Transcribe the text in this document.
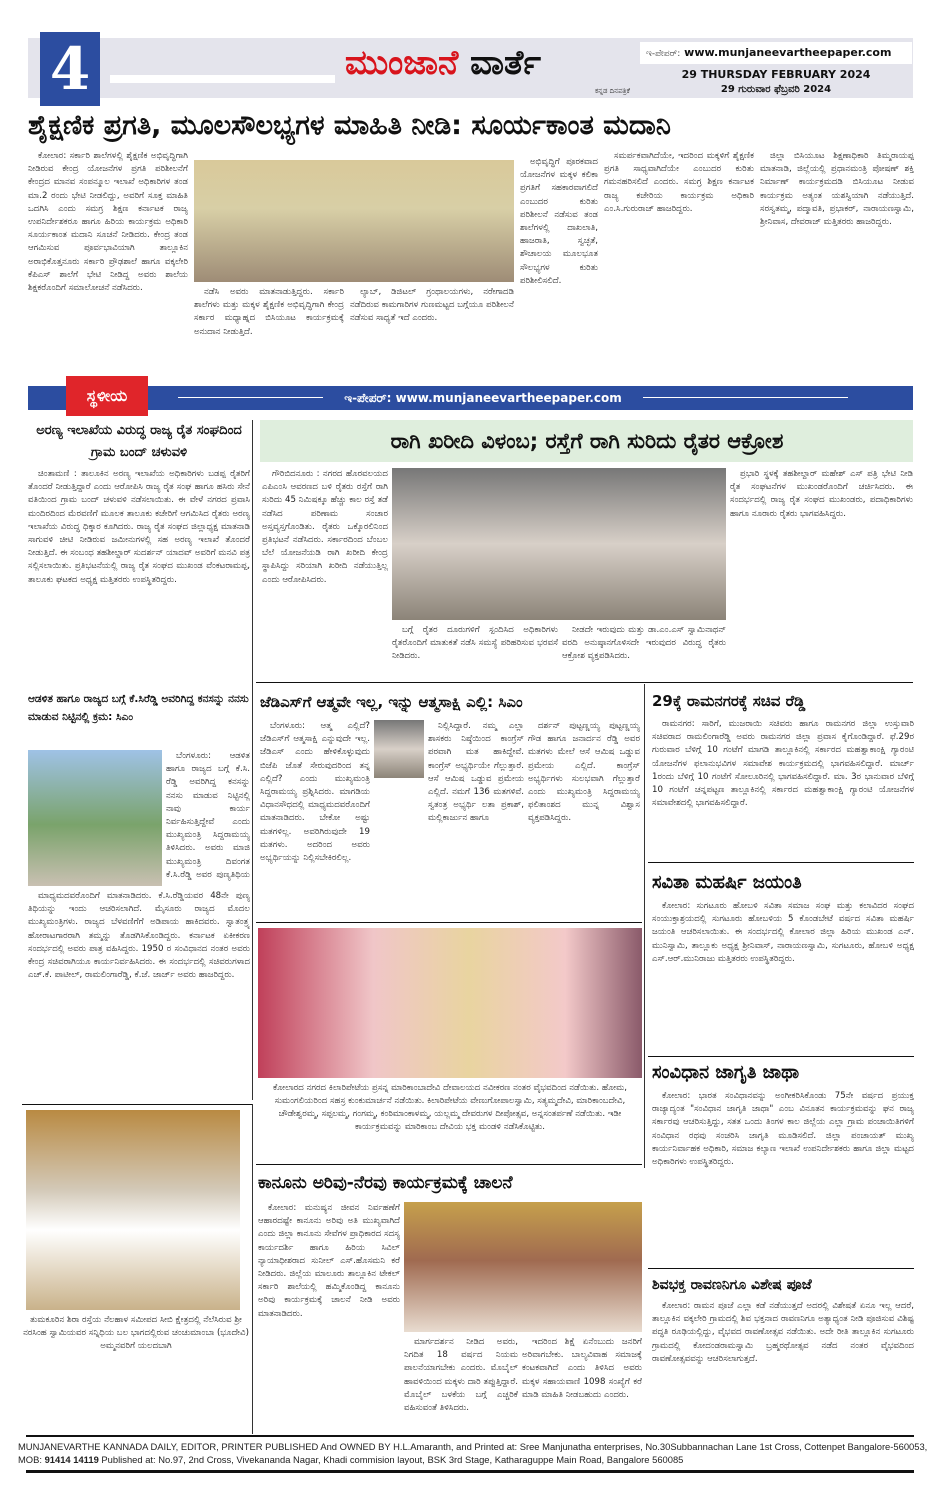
4	ಮುಂಜಾನೆ ವಾರ್ತೆ
ಕನ್ನಡ ದಿನಪತ್ರಿಕೆ
ಇ-ಪೇಪರ್: www.munjaneevartheepaper.com
29 THURSDAY FEBRUARY 2024
29 ಗುರುವಾರ ಫೆಬ್ರವರಿ 2024
ಶೈಕ್ಷಣಿಕ ಪ್ರಗತಿ, ಮೂಲಸೌಲಭ್ಯಗಳ ಮಾಹಿತಿ ನೀಡಿ: ಸೂರ್ಯಕಾಂತ ಮದಾನಿ

ಕೋಲಾರ: ಸರ್ಕಾರಿ ಶಾಲೆಗಳಲ್ಲಿ ಶೈಕ್ಷಣಿಕ ಅಭಿವೃದ್ಧಿಗಾಗಿ ನೀಡಿರುವ ಕೇಂದ್ರ ಯೋಜನೆಗಳ ಪ್ರಗತಿ ಪರಿಶೀಲನೆಗೆ ಕೇಂದ್ರದ ಮಾನವ ಸಂಪನ್ಮೂಲ ಇಲಾಖೆ ಅಧಿಕಾರಿಗಳ ತಂಡ ಮಾ.2 ರಂದು ಭೇಟಿ ನೀಡಲಿದ್ದು, ಅವರಿಗೆ ಸೂಕ್ತ ಮಾಹಿತಿ ಒದಗಿಸಿ ಎಂದು ಸಮಗ್ರ ಶಿಕ್ಷಣ ಕರ್ನಾಟಕ ರಾಜ್ಯ ಉಪನಿರ್ದೇಶಕರೂ ಹಾಗೂ ಹಿರಿಯ ಕಾರ್ಯಕ್ರಮ ಅಧಿಕಾರಿ ಸೂರ್ಯಕಾಂತ ಮದಾನಿ ಸೂಚನೆ ನೀಡಿದರು. ಕೇಂದ್ರ ತಂಡ ಆಗಮಿಸುವ ಪೂರ್ವಭಾವಿಯಾಗಿ ತಾಲ್ಲೂಕಿನ ಅರಾಭಿಕೊತ್ತನೂರು ಸರ್ಕಾರಿ ಪ್ರೌಢಶಾಲೆ ಹಾಗೂ ವಕ್ಕಲೇರಿ ಕೆಪಿಎಸ್ ಶಾಲೆಗೆ ಭೇಟಿ ನೀಡಿದ್ದ ಅವರು ಶಾಲೆಯ ಶಿಕ್ಷಕರೊಂದಿಗೆ ಸಮಾಲೋಚನೆ ನಡೆಸಿದರು.	ನಡೆಸಿ ಅವರು ಮಾತನಾಡುತ್ತಿದ್ದರು. ಸರ್ಕಾರಿ ಶಾಲೆಗಳು ಮತ್ತು ಮಕ್ಕಳ ಶೈಕ್ಷಣಿಕ ಅಭಿವೃದ್ಧಿಗಾಗಿ ಕೇಂದ್ರ ಸರ್ಕಾರ ಮಧ್ಯಾಹ್ನದ ಬಿಸಿಯೂಟ ಕಾರ್ಯಕ್ರಮಕ್ಕೆ ಅನುದಾನ ನೀಡುತ್ತಿದೆ.

ಲ್ಯಾಬ್, ಡಿಜಿಟಲ್ ಗ್ರಂಥಾಲಯಗಳು, ನರೇಗಾದಡಿ ನಡೆದಿರುವ ಕಾಮಗಾರಿಗಳ ಗುಣಮಟ್ಟದ ಬಗ್ಗೆಯೂ ಪರಿಶೀಲನೆ ನಡೆಸುವ ಸಾಧ್ಯತೆ ಇದೆ ಎಂದರು.

ಅಭಿವೃದ್ಧಿಗೆ ಪೂರಕವಾದ ಯೋಜನೆಗಳ ಮಕ್ಕಳ ಕಲಿಕಾ ಪ್ರಗತಿಗೆ ಸಹಕಾರವಾಗಲಿದೆ ಎಂಬುದರ ಕುರಿತು ಪರಿಶೀಲನೆ ನಡೆಸುವ ತಂಡ ಶಾಲೆಗಳಲ್ಲಿ ದಾಖಲಾತಿ, ಹಾಜರಾತಿ, ಸ್ವಚ್ಛತೆ, ಶೌಚಾಲಯ ಮೂಲಭೂತ ಸೌಲಭ್ಯಗಳ ಕುರಿತು ಪರಿಶೀಲಿಸಲಿದೆ.

ಸಮರ್ಪಕವಾಗಿದೆಯೇ, ಇದರಿಂದ ಮಕ್ಕಳಿಗೆ ಶೈಕ್ಷಣಿಕ ಪ್ರಗತಿ ಸಾಧ್ಯವಾಗಿದೆಯೇ ಎಂಬುದರ ಕುರಿತು ಗಮನಹರಿಸಲಿದೆ ಎಂದರು. ಸಮಗ್ರ ಶಿಕ್ಷಣ ಕರ್ನಾಟಕ ರಾಜ್ಯ ಕಚೇರಿಯ ಕಾರ್ಯಕ್ರಮ ಅಧಿಕಾರಿ ಎಂ.ಸಿ.ಗುರುರಾಜ್ ಹಾಜರಿದ್ದರು.

ಜಿಲ್ಲಾ ಬಿಸಿಯೂಟ ಶಿಕ್ಷಣಾಧಿಕಾರಿ ತಿಮ್ಮರಾಯಪ್ಪ ಮಾತನಾಡಿ, ಜಿಲ್ಲೆಯಲ್ಲಿ ಪ್ರಧಾನಮಂತ್ರಿ ಪೋಷಣ್ ಶಕ್ತಿ ನಿರ್ಮಾಣ್ ಕಾರ್ಯಕ್ರಮದಡಿ ಬಿಸಿಯೂಟ ನೀಡುವ ಕಾರ್ಯಕ್ರಮ ಅತ್ಯಂತ ಯಶಸ್ವಿಯಾಗಿ ನಡೆಯುತ್ತಿದೆ. ಸರಸ್ವತಮ್ಮ, ಪದ್ಮಾವತಿ, ಪ್ರಭಾಕರ್, ನಾರಾಯಣಸ್ವಾಮಿ, ಶ್ರೀನಿವಾಸ, ದೇವರಾಜ್ ಮತ್ತಿತರರು ಹಾಜರಿದ್ದರು.

ಇ-ಪೇಪರ್: www.munjaneevartheepaper.com
ಸ್ಥಳೀಯ
ಅರಣ್ಯ ಇಲಾಖೆಯ ವಿರುದ್ಧ ರಾಜ್ಯ ರೈತ ಸಂಘದಿಂದ ಗ್ರಾಮ ಬಂದ್ ಚಳುವಳಿ

ಚಿಂತಾಮಣಿ : ತಾಲೂಕಿನ ಅರಣ್ಯ ಇಲಾಖೆಯ ಅಧಿಕಾರಿಗಳು ಬಡಪ್ಪ ರೈತರಿಗೆ ತೊಂದರೆ ನೀಡುತ್ತಿದ್ದಾರೆ ಎಂದು ಆರೋಪಿಸಿ ರಾಜ್ಯ ರೈತ ಸಂಘ ಹಾಗೂ ಹಸಿರು ಸೇನೆ ವತಿಯಿಂದ ಗ್ರಾಮ ಬಂದ್ ಚಳುವಳಿ ನಡೆಸಲಾಯಿತು. ಈ ವೇಳೆ ನಗರದ ಪ್ರವಾಸಿ ಮಂದಿರದಿಂದ ಮೆರವಣಿಗೆ ಮೂಲಕ ತಾಲೂಕು ಕಚೇರಿಗೆ ಆಗಮಿಸಿದ ರೈತರು ಅರಣ್ಯ ಇಲಾಖೆಯ ವಿರುದ್ಧ ಧಿಕ್ಕಾರ ಕೂಗಿದರು. ರಾಜ್ಯ ರೈತ ಸಂಘದ ಜಿಲ್ಲಾಧ್ಯಕ್ಷ ಮಾತನಾಡಿ ಸಾಗುವಳಿ ಚೀಟಿ ನೀಡಿರುವ ಜಮೀನುಗಳಲ್ಲಿ ಸಹ ಅರಣ್ಯ ಇಲಾಖೆ ತೊಂದರೆ ನೀಡುತ್ತಿದೆ. ಈ ಸಂಬಂಧ ತಹಶೀಲ್ದಾರ್ ಸುದರ್ಶನ್ ಯಾದವ್ ಅವರಿಗೆ ಮನವಿ ಪತ್ರ ಸಲ್ಲಿಸಲಾಯಿತು. ಪ್ರತಿಭಟನೆಯಲ್ಲಿ ರಾಜ್ಯ ರೈತ ಸಂಘದ ಮುಖಂಡ ವೆಂಕಟರಾಮಪ್ಪ, ತಾಲೂಕು ಘಟಕದ ಅಧ್ಯಕ್ಷ ಮತ್ತಿತರರು ಉಪಸ್ಥಿತರಿದ್ದರು.

ರಾಗಿ ಖರೀದಿ ವಿಳಂಬ; ರಸ್ತೆಗೆ ರಾಗಿ ಸುರಿದು ರೈತರ ಆಕ್ರೋಶ

ಗೌರಿಬಿದನೂರು : ನಗರದ ಹೊರವಲಯದ ಎಪಿಎಂಸಿ ಆವರಣದ ಬಳಿ ರೈತರು ರಸ್ತೆಗೆ ರಾಗಿ ಸುರಿದು 45 ನಿಮಿಷಕ್ಕೂ ಹೆಚ್ಚು ಕಾಲ ರಸ್ತೆ ತಡೆ ನಡೆಸಿದ ಪರಿಣಾಮ ಸಂಚಾರ ಅಸ್ತವ್ಯಸ್ತಗೊಂಡಿತು. ರೈತರು ಒಕ್ಕೊರಲಿನಿಂದ ಪ್ರತಿಭಟನೆ ನಡೆಸಿದರು. ಸರ್ಕಾರದಿಂದ ಬೆಂಬಲ ಬೆಲೆ ಯೋಜನೆಯಡಿ ರಾಗಿ ಖರೀದಿ ಕೇಂದ್ರ ಸ್ಥಾಪಿಸಿದ್ದು ಸರಿಯಾಗಿ ಖರೀದಿ ನಡೆಯುತ್ತಿಲ್ಲ ಎಂದು ಆರೋಪಿಸಿದರು.

ಬಗ್ಗೆ ರೈತರ ದೂರುಗಳಿಗೆ ಸ್ಪಂದಿಸಿದ ಅಧಿಕಾರಿಗಳು ರೈತರೊಂದಿಗೆ ಮಾತುಕತೆ ನಡೆಸಿ ಸಮಸ್ಯೆ ಪರಿಹರಿಸುವ ಭರವಸೆ ನೀಡಿದರು.

ನೀಡದೇ ಇರುವುದು ಮತ್ತು ಡಾ.ಎಂ.ಎಸ್ ಸ್ವಾಮಿನಾಥನ್ ವರದಿ ಅನುಷ್ಠಾನಗೊಳಿಸದೇ ಇರುವುದರ ವಿರುದ್ಧ ರೈತರು ಆಕ್ರೋಶ ವ್ಯಕ್ತಪಡಿಸಿದರು.

ಪ್ರಭಾರಿ ಸ್ಥಳಕ್ಕೆ ತಹಶೀಲ್ದಾರ್ ಮಹೇಶ್ ಎಸ್ ಪತ್ರಿ ಭೇಟಿ ನೀಡಿ ರೈತ ಸಂಘಟನೆಗಳ ಮುಖಂಡರೊಂದಿಗೆ ಚರ್ಚಿಸಿದರು. ಈ ಸಂದರ್ಭದಲ್ಲಿ ರಾಜ್ಯ ರೈತ ಸಂಘದ ಮುಖಂಡರು, ಪದಾಧಿಕಾರಿಗಳು ಹಾಗೂ ನೂರಾರು ರೈತರು ಭಾಗವಹಿಸಿದ್ದರು.

ಆಡಳಿತ ಹಾಗೂ ರಾಜ್ಯದ ಬಗ್ಗೆ ಕೆ.ಸಿರೆಡ್ಡಿ ಅವರಿಗಿದ್ದ ಕನಸನ್ನು ನನಸು ಮಾಡುವ ನಿಟ್ಟಿನಲ್ಲಿ ಕ್ರಮ: ಸಿಎಂ

ಬೆಂಗಳೂರು: ಆಡಳಿತ ಹಾಗೂ ರಾಜ್ಯದ ಬಗ್ಗೆ ಕೆ.ಸಿ. ರೆಡ್ಡಿ ಅವರಿಗಿದ್ದ ಕನಸನ್ನು ನನಸು ಮಾಡುವ ನಿಟ್ಟಿನಲ್ಲಿ ನಾವು ಕಾರ್ಯ ನಿರ್ವಹಿಸುತ್ತಿದ್ದೇವೆ ಎಂದು ಮುಖ್ಯಮಂತ್ರಿ ಸಿದ್ದರಾಮಯ್ಯ ತಿಳಿಸಿದರು. ಅವರು ಮಾಜಿ ಮುಖ್ಯಮಂತ್ರಿ ದಿವಂಗತ ಕೆ.ಸಿ.ರೆಡ್ಡಿ ಅವರ ಪುಣ್ಯತಿಥಿಯ

ಮಾಧ್ಯಮದವರೊಂದಿಗೆ ಮಾತನಾಡಿದರು. ಕೆ.ಸಿ.ರೆಡ್ಡಿಯವರ 48ನೇ ಪುಣ್ಯ ತಿಥಿಯನ್ನು ಇಂದು ಆಚರಿಸಲಾಗಿದೆ. ಮೈಸೂರು ರಾಜ್ಯದ ಮೊದಲ ಮುಖ್ಯಮಂತ್ರಿಗಳು. ರಾಜ್ಯದ ಬೆಳವಣಿಗೆಗೆ ಅಡಿಪಾಯ ಹಾಕಿದವರು. ಸ್ವಾತಂತ್ರ್ಯ ಹೋರಾಟಗಾರರಾಗಿ ತಮ್ಮನ್ನು ತೊಡಗಿಸಿಕೊಂಡಿದ್ದರು. ಕರ್ನಾಟಕ ಏಕೀಕರಣ ಸಂದರ್ಭದಲ್ಲಿ ಅವರು ಪಾತ್ರ ವಹಿಸಿದ್ದರು. 1950 ರ ಸಂವಿಧಾನದ ನಂತರ ಅವರು ಕೇಂದ್ರ ಸಚಿವರಾಗಿಯೂ ಕಾರ್ಯನಿರ್ವಹಿಸಿದರು. ಈ ಸಂದರ್ಭದಲ್ಲಿ ಸಚಿವರುಗಳಾದ ಎಚ್.ಕೆ. ಪಾಟೀಲ್, ರಾಮಲಿಂಗಾರೆಡ್ಡಿ, ಕೆ.ಜೆ. ಜಾರ್ಜ್ ಅವರು ಹಾಜರಿದ್ದರು.

ಜೆಡಿಎಸ್‌ಗೆ ಆತ್ಮವೇ ಇಲ್ಲ, ಇನ್ನು ಆತ್ಮಸಾಕ್ಷಿ ಎಲ್ಲಿ: ಸಿಎಂ

ಬೆಂಗಳೂರು: ಆತ್ಮ ಎಲ್ಲಿದೆ? ಜೆಡಿಎಸ್‌ಗೆ ಆತ್ಮಸಾಕ್ಷಿ ಎನ್ನುವುದೇ ಇಲ್ಲ. ಜೆಡಿಎಸ್ ಎಂದು ಹೇಳಿಕೊಳ್ಳುವುದು ಬಿಜೆಪಿ ಜೊತೆ ಸೇರುವುದರಿಂದ ತನ್ನ ಎಲ್ಲಿದೆ? ಎಂದು ಮುಖ್ಯಮಂತ್ರಿ ಸಿದ್ದರಾಮಯ್ಯ ಪ್ರಶ್ನಿಸಿದರು. ಮಾಗಡಿಯ ವಿಧಾನಸೌಧದಲ್ಲಿ ಮಾಧ್ಯಮದವರೊಂದಿಗೆ ಮಾತನಾಡಿದರು. ಬೇಕೋ ಅಷ್ಟು ಮತಗಳಿಲ್ಲ. ಅವರಿಗಿರುವುದೇ 19 ಮತಗಳು. ಅದರಿಂದ ಅವರು ಅಭ್ಯರ್ಥಿಯನ್ನು ನಿಲ್ಲಿಸಬೇಕಿರಲಿಲ್ಲ.

ನಿಲ್ಲಿಸಿದ್ದಾರೆ. ನಮ್ಮ ಎಲ್ಲಾ ಶಾಸಕರು ನಿಷ್ಠೆಯಿಂದ ಕಾಂಗ್ರೆಸ್ ಪರವಾಗಿ ಮತ ಹಾಕಿದ್ದೇವೆ. ಕಾಂಗ್ರೆಸ್ ಅಭ್ಯರ್ಥಿಯೇ ಗೆಲ್ಲುತ್ತಾರೆ. ಆಸೆ ಆಮಿಷ ಒಡ್ಡುವ ಪ್ರಮೇಯ ಎಲ್ಲಿದೆ. ನಮಗೆ 136 ಮತಗಳಿವೆ. ಸ್ವತಂತ್ರ ಅಭ್ಯರ್ಥಿ ಲತಾ ಪ್ರಕಾಶ್, ಮಲ್ಲಿಕಾರ್ಜುನ ಹಾಗೂ

ದರ್ಶನ್ ಪುಟ್ಟಣ್ಣಯ್ಯ ಪುಟ್ಟಣ್ಣಯ್ಯ ಗೌಡ ಹಾಗೂ ಜನಾರ್ದನ ರೆಡ್ಡಿ ಅವರ ಮತಗಳು ಮೇಲೆ ಆಸೆ ಆಮಿಷ ಒಡ್ಡುವ ಪ್ರಮೇಯ ಎಲ್ಲಿದೆ. ಕಾಂಗ್ರೆಸ್ ಅಭ್ಯರ್ಥಿಗಳು ಸುಲಭವಾಗಿ ಗೆಲ್ಲುತ್ತಾರೆ ಎಂದು ಮುಖ್ಯಮಂತ್ರಿ ಸಿದ್ದರಾಮಯ್ಯ ಫಲಿತಾಂಶದ ಮುನ್ನ ವಿಶ್ವಾಸ ವ್ಯಕ್ತಪಡಿಸಿದ್ದರು.

ಕೋಲಾರದ ನಗರದ ಕಿಲಾರಿಪೇಟೆಯ ಪ್ರಸನ್ನ ಮಾರಿಕಾಂಬಾದೇವಿ ದೇವಾಲಯದ ನವೀಕರಣ ನಂತರ ವೈಭವದಿಂದ ನಡೆಯಿತು. ಹೋಮ, ಸುಮಂಗಲಿಯರಿಂದ ಸಹಸ್ರ ಕುಂಕುಮಾರ್ಚನೆ ನಡೆಯಿತು. ಕಿಲಾರಿಪೇಟೆಯ ವೇಣುಗೋಪಾಲಸ್ವಾಮಿ, ಸತ್ಯಮ್ಮದೇವಿ, ಮಾರಿಕಾಂಬದೇವಿ, ಚೌಡೇಶ್ವರಮ್ಮ, ಸಪ್ಪಲಮ್ಮ, ಗಂಗಮ್ಮ, ಕಂಠಿಮಾಂಕಾಳಮ್ಮ, ಯಲ್ಲಮ್ಮ ದೇವರುಗಳ ದೀಪೋತ್ಸವ, ಅನ್ನಸಂತರ್ಪಣೆ ನಡೆಯಿತು. ಇಡೀ ಕಾರ್ಯಕ್ರಮವನ್ನು ಮಾರಿಕಾಂಬ ದೇವಿಯ ಭಕ್ತ ಮಂಡಳಿ ನಡೆಸಿಕೊಟ್ಟಿತು.
29ಕ್ಕೆ ರಾಮನಗರಕ್ಕೆ ಸಚಿವ ರೆಡ್ಡಿ

ರಾಮನಗರ: ಸಾರಿಗೆ, ಮುಜರಾಯಿ ಸಚಿವರು ಹಾಗೂ ರಾಮನಗರ ಜಿಲ್ಲಾ ಉಸ್ತುವಾರಿ ಸಚಿವರಾದ ರಾಮಲಿಂಗಾರೆಡ್ಡಿ ಅವರು ರಾಮನಗರ ಜಿಲ್ಲಾ ಪ್ರವಾಸ ಕೈಗೊಂಡಿದ್ದಾರೆ. ಫೆ.29ರ ಗುರುವಾರ ಬೆಳಿಗ್ಗೆ 10 ಗಂಟೆಗೆ ಮಾಗಡಿ ತಾಲ್ಲೂಕಿನಲ್ಲಿ ಸರ್ಕಾರದ ಮಹತ್ವಾಕಾಂಕ್ಷಿ ಗ್ಯಾರಂಟಿ ಯೋಜನೆಗಳ ಫಲಾನುಭವಿಗಳ ಸಮಾವೇಶ ಕಾರ್ಯಕ್ರಮದಲ್ಲಿ ಭಾಗವಹಿಸಲಿದ್ದಾರೆ. ಮಾರ್ಚ್ 1ರಂದು ಬೆಳಿಗ್ಗೆ 10 ಗಂಟೆಗೆ ಸೋಲೂರಿನಲ್ಲಿ ಭಾಗವಹಿಸಲಿದ್ದಾರೆ. ಮಾ. 3ರ ಭಾನುವಾರ ಬೆಳಿಗ್ಗೆ 10 ಗಂಟೆಗೆ ಚನ್ನಪಟ್ಟಣ ತಾಲ್ಲೂಕಿನಲ್ಲಿ ಸರ್ಕಾರದ ಮಹತ್ವಾಕಾಂಕ್ಷಿ ಗ್ಯಾರಂಟಿ ಯೋಜನೆಗಳ ಸಮಾವೇಶದಲ್ಲಿ ಭಾಗವಹಿಸಲಿದ್ದಾರೆ.

ಸವಿತಾ ಮಹರ್ಷಿ ಜಯಂತಿ

ಕೋಲಾರ: ಸುಗಟೂರು ಹೋಬಳಿ ಸವಿತಾ ಸಮಾಜ ಸಂಘ ಮತ್ತು ಕಲಾವಿದರ ಸಂಘದ ಸಂಯುಕ್ತಾಶ್ರಯದಲ್ಲಿ ಸುಗಟೂರು ಹೋಬಳಿಯ 5 ಕೊಂಡಬೇಟೆ ವರ್ಷದ ಸವಿತಾ ಮಹರ್ಷಿ ಜಯಂತಿ ಆಚರಿಸಲಾಯಿತು. ಈ ಸಂದರ್ಭದಲ್ಲಿ ಕೋಲಾರ ಜಿಲ್ಲಾ ಹಿರಿಯ ಮುಖಂಡ ಎನ್. ಮುನಿಸ್ವಾಮಿ, ತಾಲ್ಲೂಕು ಅಧ್ಯಕ್ಷ ಶ್ರೀನಿವಾಸ್, ನಾರಾಯಣಸ್ವಾಮಿ, ಸುಗಟೂರು, ಹೋಬಳಿ ಅಧ್ಯಕ್ಷ ಎಸ್.ಆರ್.ಮುನಿರಾಜು ಮತ್ತಿತರರು ಉಪಸ್ಥಿತರಿದ್ದರು.

ಸಂವಿಧಾನ ಜಾಗೃತಿ ಜಾಥಾ

ಕೋಲಾರ: ಭಾರತ ಸಂವಿಧಾನವನ್ನು ಅಂಗೀಕರಿಸಿಕೊಂಡು 75ನೇ ವರ್ಷದ ಪ್ರಯುಕ್ತ ರಾಜ್ಯಾದ್ಯಂತ "ಸಂವಿಧಾನ ಜಾಗೃತಿ ಜಾಥಾ" ಎಂಬ ವಿನೂತನ ಕಾರ್ಯಕ್ರಮವನ್ನು ಘನ ರಾಜ್ಯ ಸರ್ಕಾರವು ಆಚರಿಸುತ್ತಿದ್ದು, ಸತತ ಒಂದು ತಿಂಗಳ ಕಾಲ ಜಿಲ್ಲೆಯ ಎಲ್ಲಾ ಗ್ರಾಮ ಪಂಚಾಯಿತಿಗಳಿಗೆ ಸಂವಿಧಾನ ರಥವು ಸಂಚರಿಸಿ ಜಾಗೃತಿ ಮೂಡಿಸಲಿದೆ. ಜಿಲ್ಲಾ ಪಂಚಾಯತ್ ಮುಖ್ಯ ಕಾರ್ಯನಿರ್ವಾಹಕ ಅಧಿಕಾರಿ, ಸಮಾಜ ಕಲ್ಯಾಣ ಇಲಾಖೆ ಉಪನಿರ್ದೇಶಕರು ಹಾಗೂ ಜಿಲ್ಲಾ ಮಟ್ಟದ ಅಧಿಕಾರಿಗಳು ಉಪಸ್ಥಿತರಿದ್ದರು.

ಶಿವಭಕ್ತ ರಾವಣನಿಗೂ ವಿಶೇಷ ಪೂಜೆ

ಕೋಲಾರ: ರಾಮನ ಪೂಜೆ ಎಲ್ಲಾ ಕಡೆ ನಡೆಯುತ್ತದೆ ಅದರಲ್ಲಿ ವಿಶೇಷತೆ ಏನೂ ಇಲ್ಲ ಆದರೆ, ತಾಲ್ಲೂಕಿನ ವಕ್ಕಲೇರಿ ಗ್ರಾಮದಲ್ಲಿ ಶಿವ ಭಕ್ತನಾದ ರಾವಣನಿಗೂ ಅತ್ಯಾಧ್ಯಂತ ನೀಡಿ ಪೂಜಿಸುವ ವಿಶಿಷ್ಟ ಪದ್ಧತಿ ರೂಢಿಯಲ್ಲಿದ್ದು, ವೈಭವದ ರಾವಣೋತ್ಸವ ನಡೆಯಿತು. ಅದೇ ರೀತಿ ತಾಲ್ಲೂಕಿನ ಸುಗಟೂರು ಗ್ರಾಮದಲ್ಲಿ ಕೋದಂಡರಾಮಸ್ವಾಮಿ ಬ್ರಹ್ಮರಥೋತ್ಸವ ನಡೆದ ನಂತರ ವೈಭವದಿಂದ ರಾವಣೋತ್ಸವವನ್ನು ಆಚರಿಸಲಾಗುತ್ತದೆ.

ತುಮಕೂರಿನ ಶಿರಾ ರಸ್ತೆಯ ನೆಲಹಾಳ ಸಮೀಪದ ಸೀಬಿ ಕ್ಷೇತ್ರದಲ್ಲಿ ನೆಲೆಸಿರುವ ಶ್ರೀ ನರಸಿಂಹ ಸ್ವಾಮಿಯವರ ಸನ್ನಿಧಿಯ ಬಲ ಭಾಗದಲ್ಲಿರುವ ಚಂಚುಮಾಂಬಾ (ಭೂದೇವಿ) ಅಮ್ಮನವರಿಗೆ ಯಲದಬಾಗಿ
ಕಾನೂನು ಅರಿವು-ನೆರವು ಕಾರ್ಯಕ್ರಮಕ್ಕೆ ಚಾಲನೆ

ಕೋಲಾರ: ಮನುಷ್ಯನ ಜೀವನ ನಿರ್ವಹಣೆಗೆ ಆಹಾರದಷ್ಟೇ ಕಾನೂನು ಅರಿವು ಅತಿ ಮುಖ್ಯವಾಗಿದೆ ಎಂದು ಜಿಲ್ಲಾ ಕಾನೂನು ಸೇವೆಗಳ ಪ್ರಾಧಿಕಾರದ ಸದಸ್ಯ ಕಾರ್ಯದರ್ಶಿ ಹಾಗೂ ಹಿರಿಯ ಸಿವಿಲ್ ನ್ಯಾಯಾಧೀಶರಾದ ಸುನೀಲ್ ಎಸ್.ಹೊಸಮನಿ ಕರೆ ನೀಡಿದರು. ಜಿಲ್ಲೆಯ ಮಾಲೂರು ತಾಲ್ಲೂಕಿನ ಟೇಕಲ್ ಸರ್ಕಾರಿ ಶಾಲೆಯಲ್ಲಿ ಹಮ್ಮಿಕೊಂಡಿದ್ದ ಕಾನೂನು ಅರಿವು ಕಾರ್ಯಕ್ರಮಕ್ಕೆ ಚಾಲನೆ ನೀಡಿ ಅವರು ಮಾತನಾಡಿದರು.

ಮಾರ್ಗದರ್ಶನ ನೀಡಿದ ಅವರು, ನಿಗದಿತ 18 ವರ್ಷದ ನಿಯಮ ಪಾಲನೆಯಾಗಬೇಕು ಎಂದರು. ಮೊಬೈಲ್ ಹಾವಳಿಯಿಂದ ಮಕ್ಕಳು ದಾರಿ ತಪ್ಪುತ್ತಿದ್ದಾರೆ. ಮೊಬೈಲ್ ಬಳಕೆಯ ಬಗ್ಗೆ ಎಚ್ಚರಿಕೆ ವಹಿಸುವಂತೆ ತಿಳಿಸಿದರು.

ಇದರಿಂದ ಶಿಕ್ಷೆ ಏನೆಂಬುದು ಜನರಿಗೆ ಅರಿವಾಗಬೇಕು. ಬಾಲ್ಯವಿವಾಹ ಸಮಾಜಕ್ಕೆ ಕಂಟಕವಾಗಿದೆ ಎಂದು ತಿಳಿಸಿದ ಅವರು ಮಕ್ಕಳ ಸಹಾಯವಾಣಿ 1098 ಸಂಖ್ಯೆಗೆ ಕರೆ ಮಾಡಿ ಮಾಹಿತಿ ನೀಡಬಹುದು ಎಂದರು.

MUNJANEVARTHE KANNADA DAILY, EDITOR, PRINTER PUBLISHED And OWNED BY H.L.Amaranth, and Printed at: Sree Manjunatha enterprises, No.30Subbannachan Lane 1st Cross, Cottenpet Bangalore-560053,
MOB: 91414 14119 Published at: No.97, 2nd Cross, Vivekananda Nagar, Khadi commision layout, BSK 3rd Stage, Katharaguppe Main Road, Bangalore 560085
